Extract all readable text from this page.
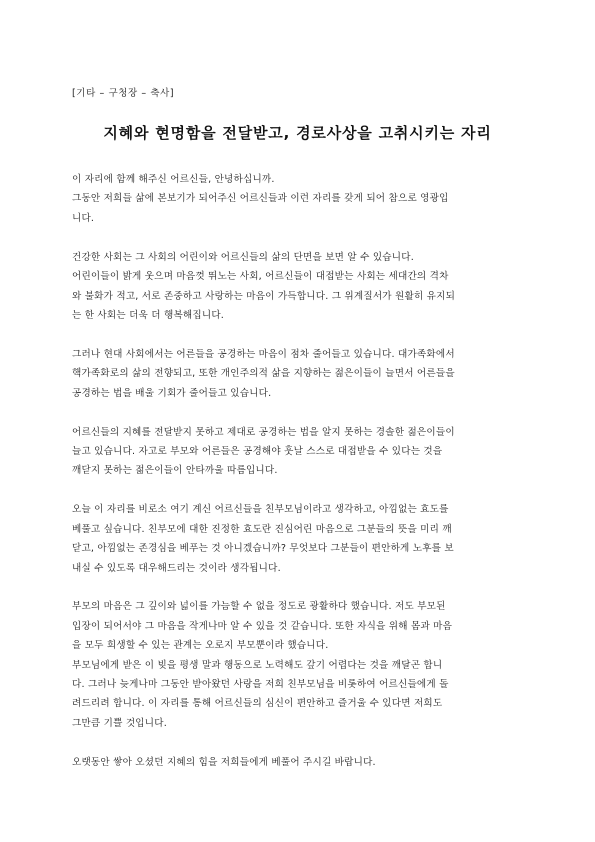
[기타 – 구청장 – 축사]
지혜와 현명함을 전달받고, 경로사상을 고취시키는 자리
이 자리에 함께 해주신 어르신들, 안녕하십니까.
그동안 저희들 삶에 본보기가 되어주신 어르신들과 이런 자리를 갖게 되어 참으로 영광입
니다.
건강한 사회는 그 사회의 어린이와 어르신들의 삶의 단면을 보면 알 수 있습니다.
어린이들이 밝게 웃으며 마음껏 뛰노는 사회, 어르신들이 대접받는 사회는 세대간의 격차
와 불화가 적고, 서로 존중하고 사랑하는 마음이 가득합니다. 그 위계질서가 원활히 유지되
는 한 사회는 더욱 더 행복해집니다.
그러나 현대 사회에서는 어른들을 공경하는 마음이 점차 줄어들고 있습니다. 대가족화에서
핵가족화로의 삶의 전향되고, 또한 개인주의적 삶을 지향하는 젊은이들이 늘면서 어른들을
공경하는 법을 배울 기회가 줄어들고 있습니다.
어르신들의 지혜를 전달받지 못하고 제대로 공경하는 법을 알지 못하는 경솔한 젊은이들이
늘고 있습니다. 자고로 부모와 어른들은 공경해야 훗날 스스로 대접받을 수 있다는 것을
깨닫지 못하는 젊은이들이 안타까울 따름입니다.
오늘 이 자리를 비로소 여기 계신 어르신들을 친부모님이라고 생각하고, 아낌없는 효도를
베풀고 싶습니다. 친부모에 대한 진정한 효도란 진심어린 마음으로 그분들의 뜻을 미리 깨
닫고, 아낌없는 존경심을 베푸는 것 아니겠습니까? 무엇보다 그분들이 편안하게 노후를 보
내실 수 있도록 대우해드리는 것이라 생각됩니다.
부모의 마음은 그 깊이와 넓이를 가늠할 수 없을 정도로 광활하다 했습니다. 저도 부모된
입장이 되어서야 그 마음을 작게나마 알 수 있을 것 같습니다. 또한 자식을 위해 몸과 마음
을 모두 희생할 수 있는 관계는 오로지 부모뿐이라 했습니다.
부모님에게 받은 이 빚을 평생 말과 행동으로 노력해도 갚기 어렵다는 것을 깨달곤 합니
다. 그러나 늦게나마 그동안 받아왔던 사랑을 저희 친부모님을 비롯하여 어르신들에게 돌
려드리려 합니다. 이 자리를 통해 어르신들의 심신이 편안하고 즐거울 수 있다면 저희도
그만큼 기쁠 것입니다.
오랫동안 쌓아 오셨던 지혜의 힘을 저희들에게 베풀어 주시길 바랍니다.
